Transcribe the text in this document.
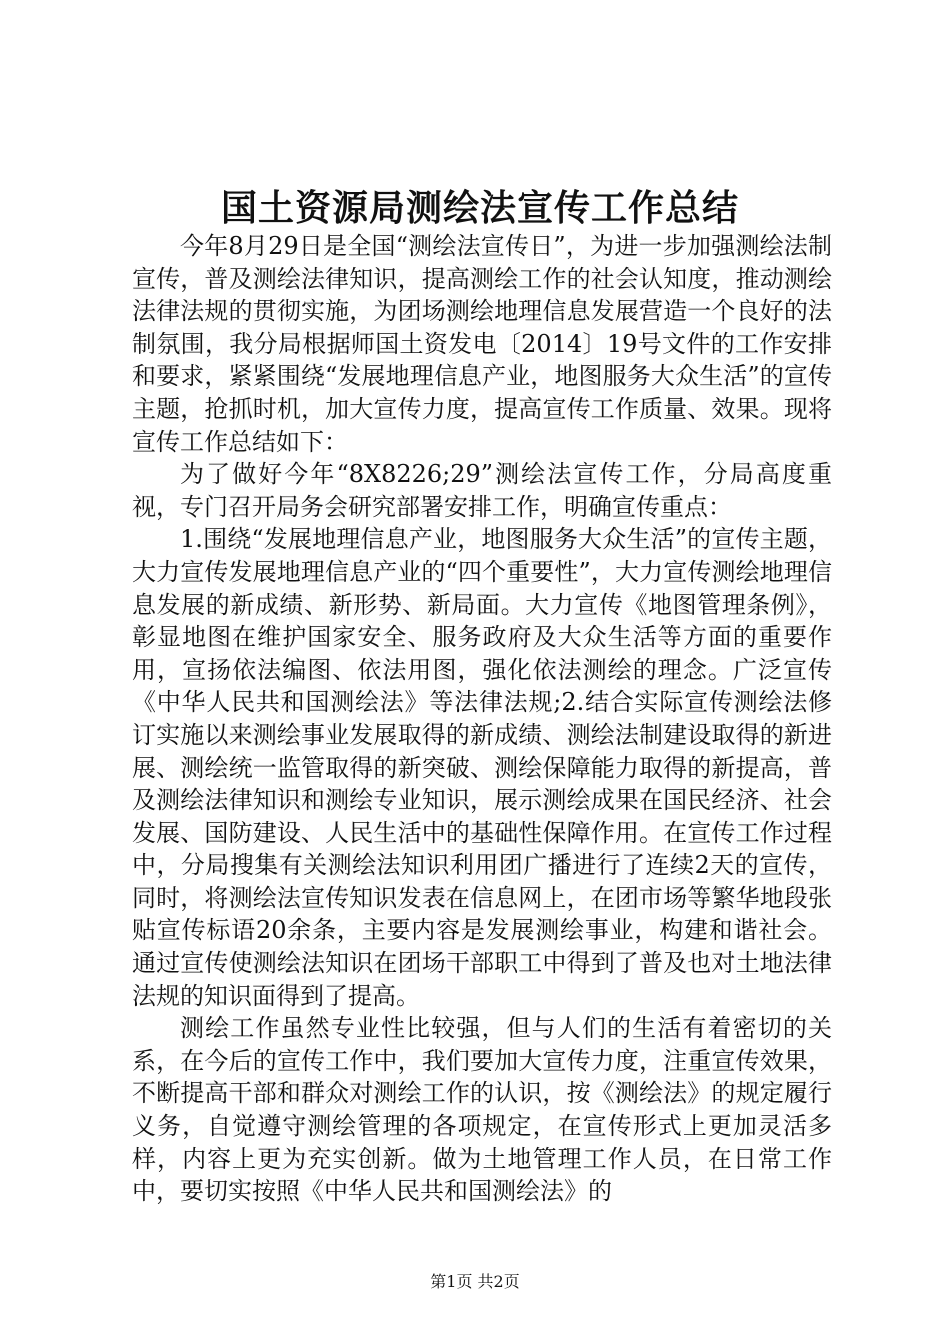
国土资源局测绘法宣传工作总结

今年8月29日是全国“测绘法宣传日”，为进一步加强测绘法制宣传，普及测绘法律知识，提高测绘工作的社会认知度，推动测绘法律法规的贯彻实施，为团场测绘地理信息发展营造一个良好的法制氛围，我分局根据师国土资发电〔2014〕19号文件的工作安排和要求，紧紧围绕“发展地理信息产业，地图服务大众生活”的宣传主题，抢抓时机，加大宣传力度，提高宣传工作质量、效果。现将宣传工作总结如下：

为了做好今年“8X8226;29”测绘法宣传工作，分局高度重视，专门召开局务会研究部署安排工作，明确宣传重点：

1.围绕“发展地理信息产业，地图服务大众生活”的宣传主题，大力宣传发展地理信息产业的“四个重要性”，大力宣传测绘地理信息发展的新成绩、新形势、新局面。大力宣传《地图管理条例》，彰显地图在维护国家安全、服务政府及大众生活等方面的重要作用，宣扬依法编图、依法用图，强化依法测绘的理念。广泛宣传《中华人民共和国测绘法》等法律法规;2.结合实际宣传测绘法修订实施以来测绘事业发展取得的新成绩、测绘法制建设取得的新进展、测绘统一监管取得的新突破、测绘保障能力取得的新提高，普及测绘法律知识和测绘专业知识，展示测绘成果在国民经济、社会发展、国防建设、人民生活中的基础性保障作用。在宣传工作过程中，分局搜集有关测绘法知识利用团广播进行了连续2天的宣传，同时，将测绘法宣传知识发表在信息网上，在团市场等繁华地段张贴宣传标语20余条，主要内容是发展测绘事业，构建和谐社会。通过宣传使测绘法知识在团场干部职工中得到了普及也对土地法律法规的知识面得到了提高。

测绘工作虽然专业性比较强，但与人们的生活有着密切的关系，在今后的宣传工作中，我们要加大宣传力度，注重宣传效果，不断提高干部和群众对测绘工作的认识，按《测绘法》的规定履行义务，自觉遵守测绘管理的各项规定，在宣传形式上更加灵活多样，内容上更为充实创新。做为土地管理工作人员，在日常工作中，要切实按照《中华人民共和国测绘法》的

第1页 共2页
